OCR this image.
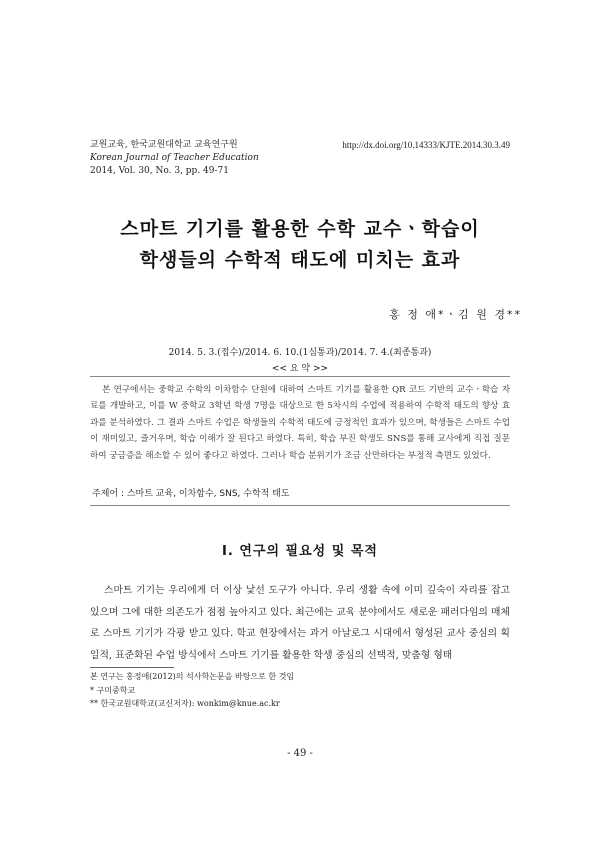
교원교육, 한국교원대학교 교육연구원
Korean Journal of Teacher Education
2014, Vol. 30, No. 3, pp. 49-71
http://dx.doi.org/10.14333/KJTE.2014.30.3.49
스마트 기기를 활용한 수학 교수ㆍ학습이
학생들의 수학적 태도에 미치는 효과
홍 정 애*ㆍ김 원 경**
2014. 5. 3.(접수)/2014. 6. 10.(1심통과)/2014. 7. 4.(최종통과)
<< 요 약 >>
본 연구에서는 중학교 수학의 이차함수 단원에 대하여 스마트 기기를 활용한 QR 코드 기반의 교수ㆍ학습 자료를 개발하고, 이를 W 중학교 3학년 학생 7명을 대상으로 한 5차시의 수업에 적용하여 수학적 태도의 향상 효과를 분석하였다. 그 결과 스마트 수업은 학생들의 수학적 태도에 긍정적인 효과가 있으며, 학생들은 스마트 수업이 재미있고, 즐거우며, 학습 이해가 잘 된다고 하였다. 특히, 학습 부진 학생도 SNS를 통해 교사에게 직접 질문하여 궁금증을 해소할 수 있어 좋다고 하였다. 그러나 학습 분위기가 조금 산만하다는 부정적 측면도 있었다.
주제어 : 스마트 교육, 이차함수, SNS, 수학적 태도
Ⅰ. 연구의 필요성 및 목적
스마트 기기는 우리에게 더 이상 낯선 도구가 아니다. 우리 생활 속에 이미 깊숙이 자리를 잡고 있으며 그에 대한 의존도가 점점 높아지고 있다. 최근에는 교육 분야에서도 새로운 패러다임의 매체로 스마트 기기가 각광 받고 있다. 학교 현장에서는 과거 아날로그 시대에서 형성된 교사 중심의 획일적, 표준화된 수업 방식에서 스마트 기기를 활용한 학생 중심의 선택적, 맞춤형 형태
본 연구는 홍정애(2012)의 석사학논문을 바탕으로 한 것임
* 구미중학교
** 한국교원대학교(교신저자): wonkim@knue.ac.kr
- 49 -
